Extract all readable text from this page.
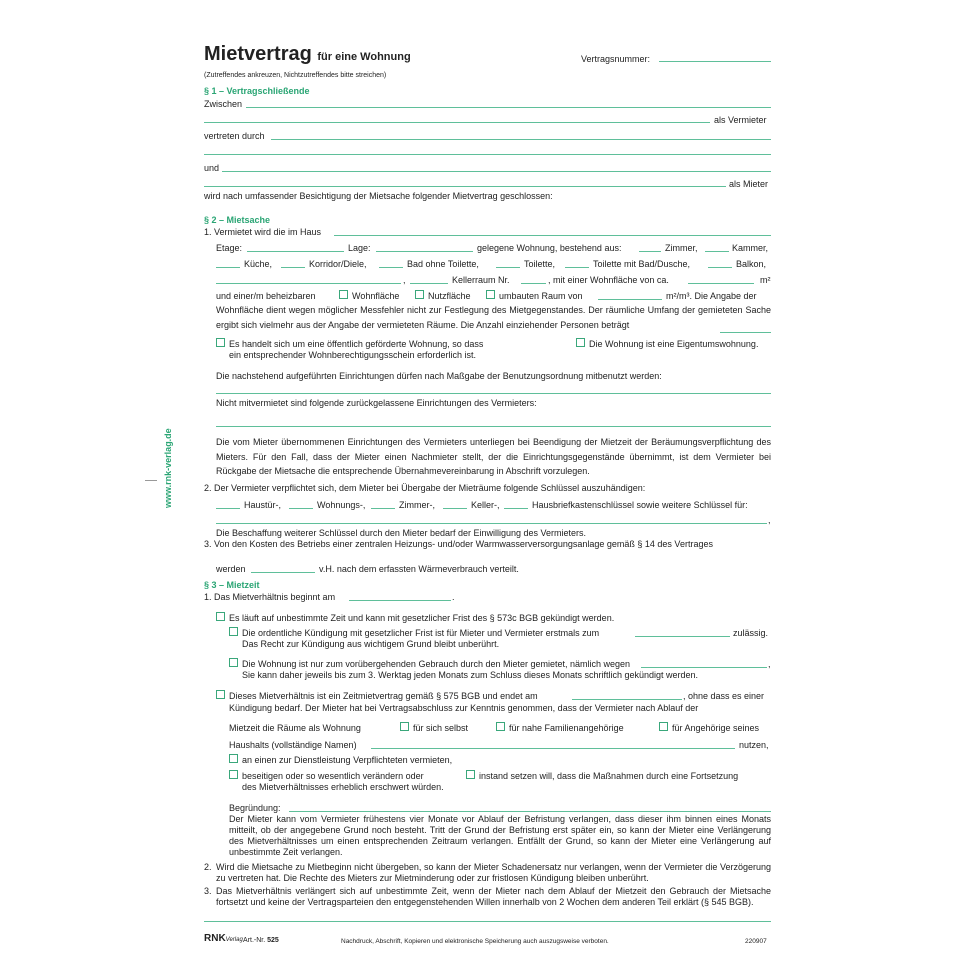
Mietvertrag für eine Wohnung
(Zutreffendes ankreuzen, Nichtzutreffendes bitte streichen)
Vertragsnummer:
www.rnk-verlag.de
§ 1 – Vertragschließende
Zwischen
als Vermieter
vertreten durch
und
als Mieter
wird nach umfassender Besichtigung der Mietsache folgender Mietvertrag geschlossen:
§ 2 – Mietsache
1. Vermietet wird die im Haus
Etage:	Lage:	gelegene Wohnung, bestehend aus:	Zimmer,	Kammer,
Küche,	Korridor/Diele,	Bad ohne Toilette,	Toilette,	Toilette mit Bad/Dusche,	Balkon,
,	Kellerraum Nr.	, mit einer Wohnfläche von ca.	m²
und einer/m beheizbaren	Wohnfläche	Nutzfläche	umbauten Raum von	m²/m³. Die Angabe der
Wohnfläche dient wegen möglicher Messfehler nicht zur Festlegung des Mietgegenstandes. Der räumliche Umfang der gemieteten Sache ergibt sich vielmehr aus der Angabe der vermieteten Räume. Die Anzahl einziehender Personen beträgt
Es handelt sich um eine öffentlich geförderte Wohnung, so dass
ein entsprechender Wohnberechtigungsschein erforderlich ist.
Die Wohnung ist eine Eigentumswohnung.
Die nachstehend aufgeführten Einrichtungen dürfen nach Maßgabe der Benutzungsordnung mitbenutzt werden:
Nicht mitvermietet sind folgende zurückgelassene Einrichtungen des Vermieters:
Die vom Mieter übernommenen Einrichtungen des Vermieters unterliegen bei Beendigung der Mietzeit der Beräumungsverpflichtung des Mieters. Für den Fall, dass der Mieter einen Nachmieter stellt, der die Einrichtungsgegenstände übernimmt, ist dem Vermieter bei Rückgabe der Mietsache die entsprechende Übernahmevereinbarung in Abschrift vorzulegen.
2. Der Vermieter verpflichtet sich, dem Mieter bei Übergabe der Mieträume folgende Schlüssel auszuhändigen:
Haustür-,	Wohnungs-,	Zimmer-,	Keller-,	Hausbriefkastenschlüssel sowie weitere Schlüssel für:
,
Die Beschaffung weiterer Schlüssel durch den Mieter bedarf der Einwilligung des Vermieters.
3. Von den Kosten des Betriebs einer zentralen Heizungs- und/oder Warmwasserversorgungsanlage gemäß § 14 des Vertrages
werden	v.H. nach dem erfassten Wärmeverbrauch verteilt.
§ 3 – Mietzeit
1. Das Mietverhältnis beginnt am	.
Es läuft auf unbestimmte Zeit und kann mit gesetzlicher Frist des § 573c BGB gekündigt werden.
Die ordentliche Kündigung mit gesetzlicher Frist ist für Mieter und Vermieter erstmals zum	zulässig.
Das Recht zur Kündigung aus wichtigem Grund bleibt unberührt.
Die Wohnung ist nur zum vorübergehenden Gebrauch durch den Mieter gemietet, nämlich wegen	,
Sie kann daher jeweils bis zum 3. Werktag jeden Monats zum Schluss dieses Monats schriftlich gekündigt werden.
Dieses Mietverhältnis ist ein Zeitmietvertrag gemäß § 575 BGB und endet am	, ohne dass es einer
Kündigung bedarf. Der Mieter hat bei Vertragsabschluss zur Kenntnis genommen, dass der Vermieter nach Ablauf der
Mietzeit die Räume als Wohnung	für sich selbst	für nahe Familienangehörige	für Angehörige seines
Haushalts (vollständige Namen)	nutzen,
an einen zur Dienstleistung Verpflichteten vermieten,
beseitigen oder so wesentlich verändern oder	instand setzen will, dass die Maßnahmen durch eine Fortsetzung
des Mietverhältnisses erheblich erschwert würden.
Begründung:
Der Mieter kann vom Vermieter frühestens vier Monate vor Ablauf der Befristung verlangen, dass dieser ihm binnen eines Monats mitteilt, ob der angegebene Grund noch besteht. Tritt der Grund der Befristung erst später ein, so kann der Mieter eine Verlängerung des Mietverhältnisses um einen entsprechenden Zeitraum verlangen. Entfällt der Grund, so kann der Mieter eine Verlängerung auf unbestimmte Zeit verlangen.
2. Wird die Mietsache zu Mietbeginn nicht übergeben, so kann der Mieter Schadenersatz nur verlangen, wenn der Vermieter die Verzögerung zu vertreten hat. Die Rechte des Mieters zur Mietminderung oder zur fristlosen Kündigung bleiben unberührt.
3. Das Mietverhältnis verlängert sich auf unbestimmte Zeit, wenn der Mieter nach dem Ablauf der Mietzeit den Gebrauch der Mietsache fortsetzt und keine der Vertragsparteien den entgegenstehenden Willen innerhalb von 2 Wochen dem anderen Teil erklärt (§ 545 BGB).
RNKVerlag Art.-Nr. 525	Nachdruck, Abschrift, Kopieren und elektronische Speicherung auch auszugsweise verboten.	220907
